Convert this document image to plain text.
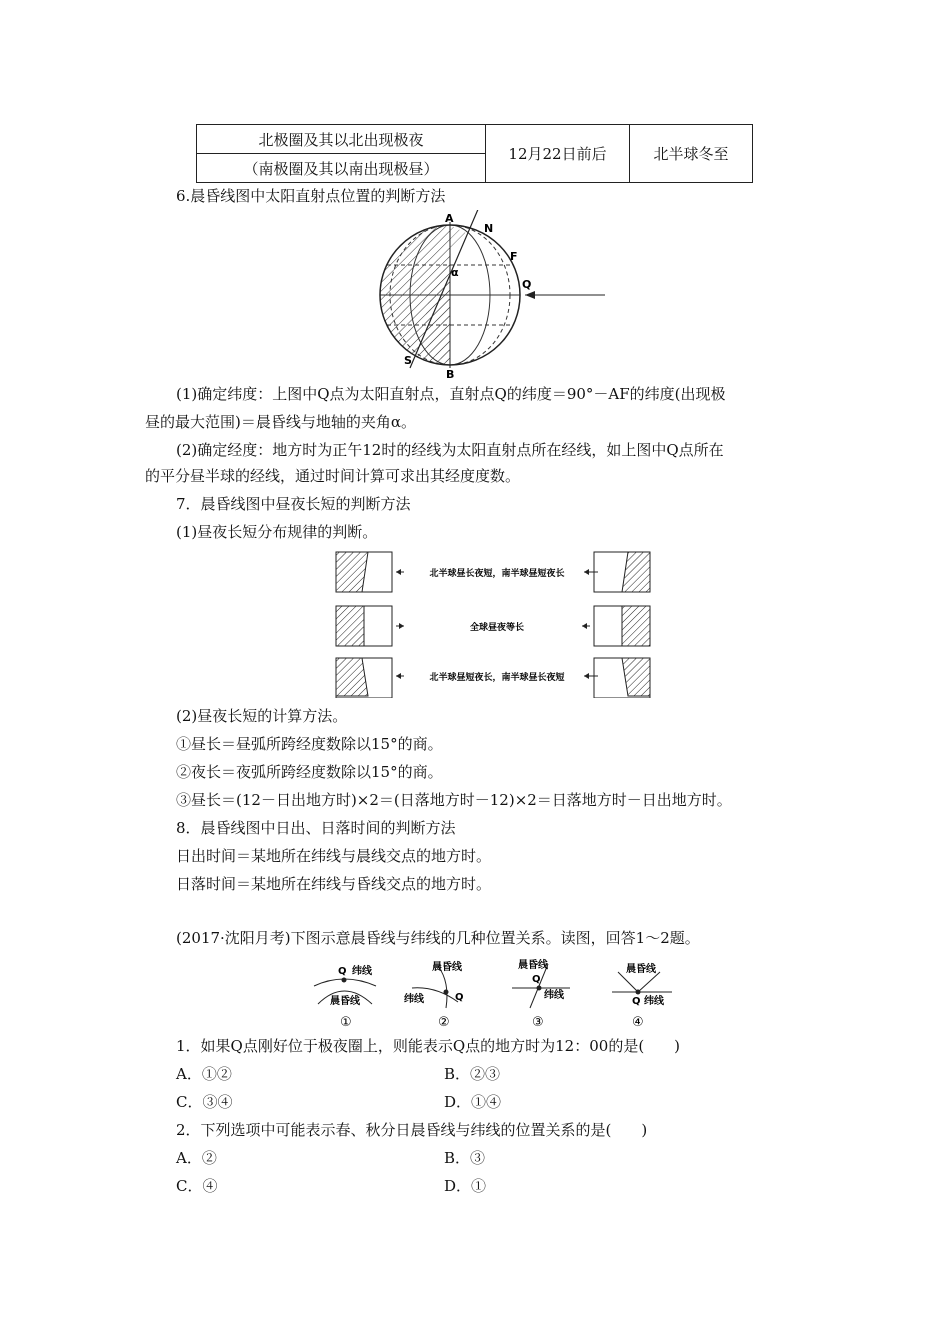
北极圈及其以北出现极夜	12月22日前后	北半球冬至
（南极圈及其以南出现极昼）
6.晨昏线图中太阳直射点位置的判断方法
A
N
F
Q
S
B
α
(1)确定纬度：上图中Q点为太阳直射点，直射点Q的纬度＝90°－AF的纬度(出现极
昼的最大范围)＝晨昏线与地轴的夹角α。
(2)确定经度：地方时为正午12时的经线为太阳直射点所在经线，如上图中Q点所在
的平分昼半球的经线，通过时间计算可求出其经度度数。
7．晨昏线图中昼夜长短的判断方法
(1)昼夜长短分布规律的判断。
北半球昼长夜短，南半球昼短夜长
全球昼夜等长
北半球昼短夜长，南半球昼长夜短
(2)昼夜长短的计算方法。
①昼长＝昼弧所跨经度数除以15°的商。
②夜长＝夜弧所跨经度数除以15°的商。
③昼长＝(12－日出地方时)×2＝(日落地方时－12)×2＝日落地方时－日出地方时。
8．晨昏线图中日出、日落时间的判断方法
日出时间＝某地所在纬线与晨线交点的地方时。
日落时间＝某地所在纬线与昏线交点的地方时。
(2017·沈阳月考)下图示意晨昏线与纬线的几种位置关系。读图，回答1～2题。
Q 纬线
晨昏线
①
晨昏线
纬线	Q
②
晨昏线
Q
纬线
③
晨昏线
Q 纬线
④
1．如果Q点刚好位于极夜圈上，则能表示Q点的地方时为12：00的是(　　)
A．①②	B．②③
C．③④	D．①④
2．下列选项中可能表示春、秋分日晨昏线与纬线的位置关系的是(　　)
A．②	B．③
C．④	D．①
